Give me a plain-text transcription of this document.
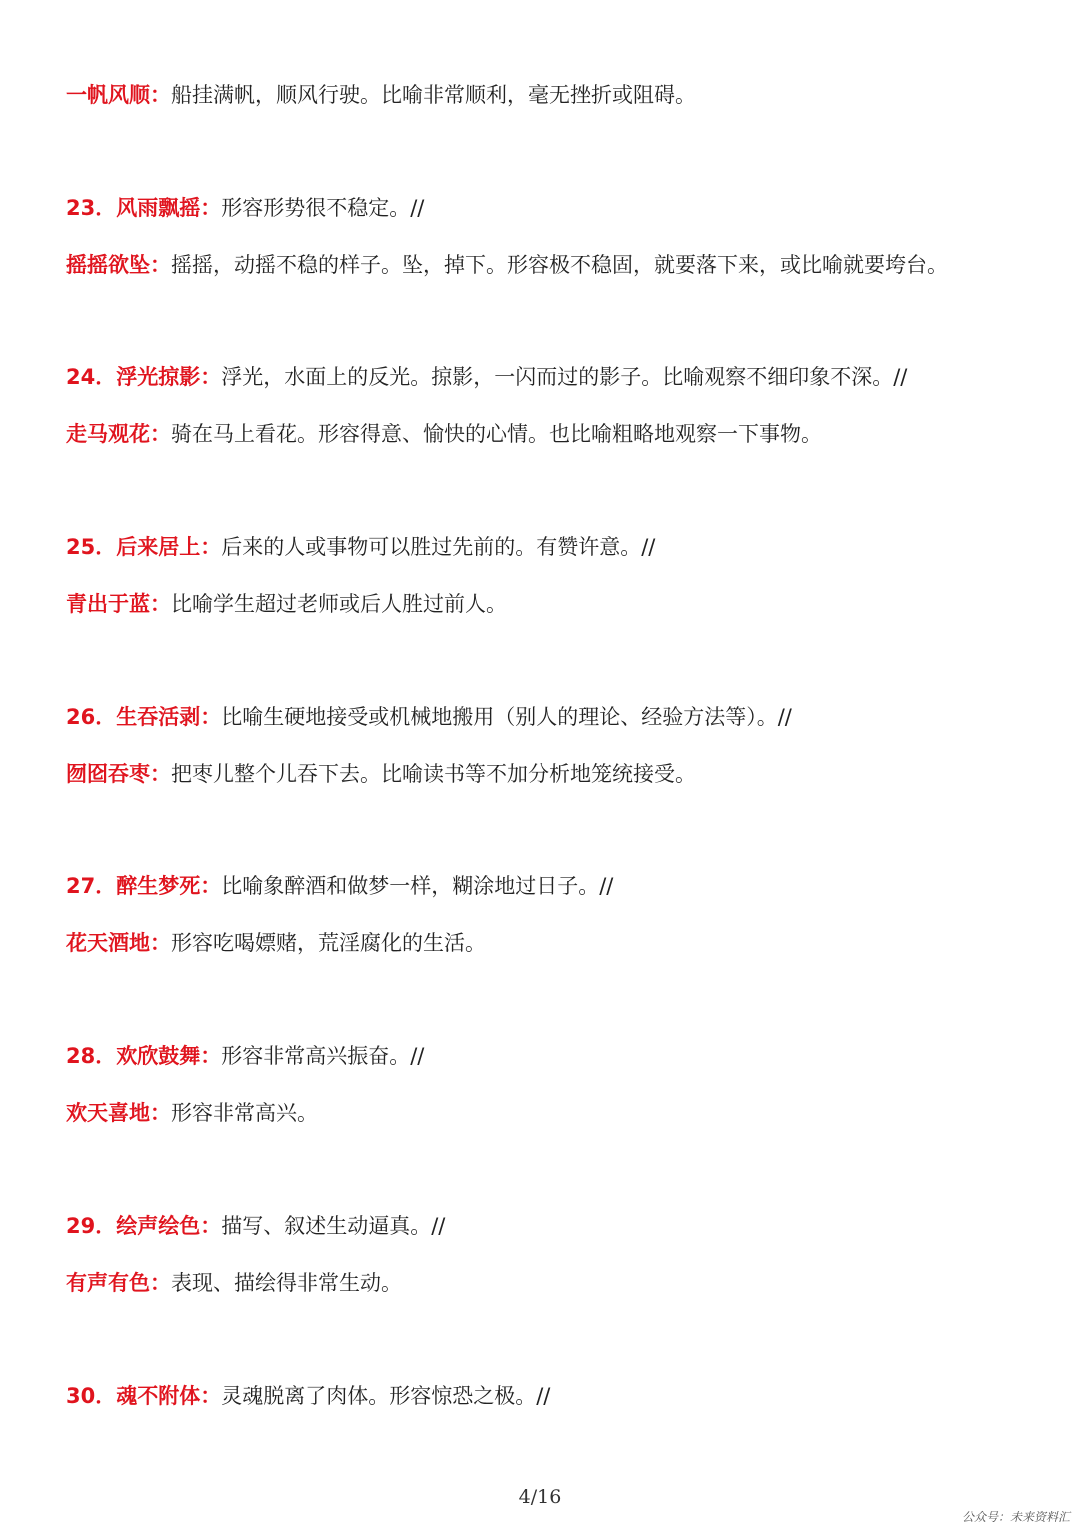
一帆风顺：船挂满帆，顺风行驶。比喻非常顺利，毫无挫折或阻碍。
23．风雨飘摇：形容形势很不稳定。//
摇摇欲坠：摇摇，动摇不稳的样子。坠，掉下。形容极不稳固，就要落下来，或比喻就要垮台。
24．浮光掠影：浮光，水面上的反光。掠影，一闪而过的影子。比喻观察不细印象不深。//
走马观花：骑在马上看花。形容得意、愉快的心情。也比喻粗略地观察一下事物。
25．后来居上：后来的人或事物可以胜过先前的。有赞许意。//
青出于蓝：比喻学生超过老师或后人胜过前人。
26．生吞活剥：比喻生硬地接受或机械地搬用（别人的理论、经验方法等）。//
囫囵吞枣：把枣儿整个儿吞下去。比喻读书等不加分析地笼统接受。
27．醉生梦死：比喻象醉酒和做梦一样，糊涂地过日子。//
花天酒地：形容吃喝嫖赌，荒淫腐化的生活。
28．欢欣鼓舞：形容非常高兴振奋。//
欢天喜地：形容非常高兴。
29．绘声绘色：描写、叙述生动逼真。//
有声有色：表现、描绘得非常生动。
30．魂不附体：灵魂脱离了肉体。形容惊恐之极。//
4/16
公众号：未来资料汇
